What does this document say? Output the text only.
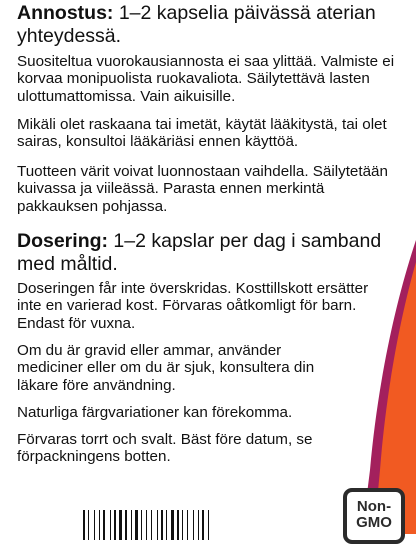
Annostus: 1–2 kapselia päivässä aterian yhteydessä.

Suositeltua vuorokausiannosta ei saa ylittää. Valmiste ei korvaa monipuolista ruokavaliota. Säilytettävä lasten ulottumattomissa. Vain aikuisille.

Mikäli olet raskaana tai imetät, käytät lääkitystä, tai olet sairas, konsultoi lääkäriäsi ennen käyttöä.

Tuotteen värit voivat luonnostaan vaihdella. Säilytetään kuivassa ja viileässä. Parasta ennen merkintä pakkauksen pohjassa.

Dosering: 1–2 kapslar per dag i samband med måltid.

Doseringen får inte överskridas. Kosttillskott ersätter inte en varierad kost. Förvaras oåtkomligt för barn. Endast för vuxna.

Om du är gravid eller ammar, använder mediciner eller om du är sjuk, konsultera din läkare före användning.

Naturliga färgvariationer kan förekomma.

Förvaras torrt och svalt. Bäst före datum, se förpackningens botten.

Non-
GMO
